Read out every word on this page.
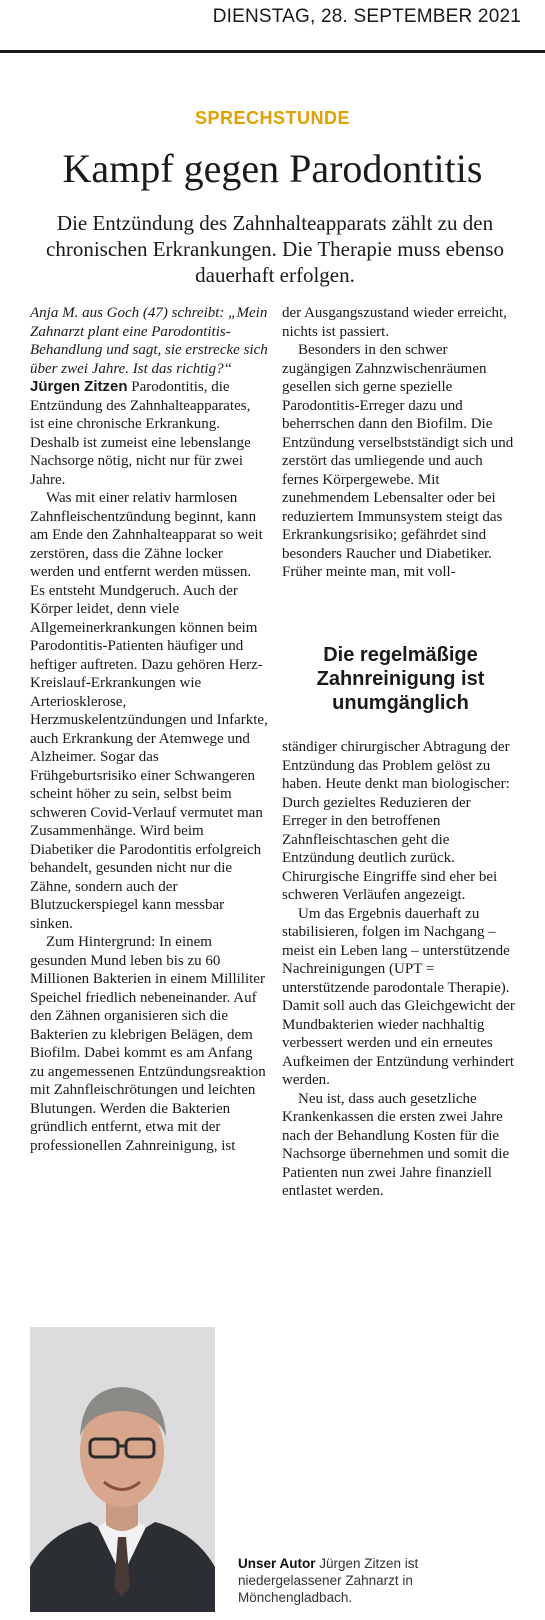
DIENSTAG, 28. SEPTEMBER 2021
SPRECHSTUNDE
Kampf gegen Parodontitis
Die Entzündung des Zahnhalteapparats zählt zu den chronischen Erkrankungen. Die Therapie muss ebenso dauerhaft erfolgen.

Anja M. aus Goch (47) schreibt: „Mein Zahnarzt plant eine Parodontitis-Behandlung und sagt, sie erstrecke sich über zwei Jahre. Ist das richtig?“

Jürgen Zitzen Parodontitis, die Entzündung des Zahnhalteapparates, ist eine chronische Erkrankung. Deshalb ist zumeist eine lebenslange Nachsorge nötig, nicht nur für zwei Jahre.

Was mit einer relativ harmlosen Zahnfleischentzündung beginnt, kann am Ende den Zahnhalteapparat so weit zerstören, dass die Zähne locker werden und entfernt werden müssen. Es entsteht Mundgeruch. Auch der Körper leidet, denn viele Allgemeinerkrankungen können beim Parodontitis-Patienten häufiger und heftiger auftreten. Dazu gehören Herz-Kreislauf-Erkrankungen wie Arteriosklerose, Herzmuskelentzündungen und Infarkte, auch Erkrankung der Atemwege und Alzheimer. Sogar das Frühgeburtsrisiko einer Schwangeren scheint höher zu sein, selbst beim schweren Covid-Verlauf vermutet man Zusammenhänge. Wird beim Diabetiker die Parodontitis erfolgreich behandelt, gesunden nicht nur die Zähne, sondern auch der Blutzuckerspiegel kann messbar sinken.

Zum Hintergrund: In einem gesunden Mund leben bis zu 60 Millionen Bakterien in einem Milliliter Speichel friedlich nebeneinander. Auf den Zähnen organisieren sich die Bakterien zu klebrigen Belägen, dem Biofilm. Dabei kommt es am Anfang zu angemessenen Entzündungsreaktion mit Zahnfleischrötungen und leichten Blutungen. Werden die Bakterien gründlich entfernt, etwa mit der professionellen Zahnreinigung, ist

der Ausgangszustand wieder erreicht, nichts ist passiert.

Besonders in den schwer zugängigen Zahnzwischenräumen gesellen sich gerne spezielle Parodontitis-Erreger dazu und beherrschen dann den Biofilm. Die Entzündung verselbstständigt sich und zerstört das umliegende und auch fernes Körpergewebe. Mit zunehmendem Lebensalter oder bei reduziertem Immunsystem steigt das Erkrankungsrisiko; gefährdet sind besonders Raucher und Diabetiker. Früher meinte man, mit voll-

Die regelmäßige Zahnreinigung ist unumgänglich

ständiger chirurgischer Abtragung der Entzündung das Problem gelöst zu haben. Heute denkt man biologischer: Durch gezieltes Reduzieren der Erreger in den betroffenen Zahnfleischtaschen geht die Entzündung deutlich zurück. Chirurgische Eingriffe sind eher bei schweren Verläufen angezeigt.

Um das Ergebnis dauerhaft zu stabilisieren, folgen im Nachgang – meist ein Leben lang – unterstützende Nachreinigungen (UPT = unterstützende parodontale Therapie). Damit soll auch das Gleichgewicht der Mundbakterien wieder nachhaltig verbessert werden und ein erneutes Aufkeimen der Entzündung verhindert werden.

Neu ist, dass auch gesetzliche Krankenkassen die ersten zwei Jahre nach der Behandlung Kosten für die Nachsorge übernehmen und somit die Patienten nun zwei Jahre finanziell entlastet werden.

Unser Autor Jürgen Zitzen ist niedergelassener Zahnarzt in Mönchengladbach.
